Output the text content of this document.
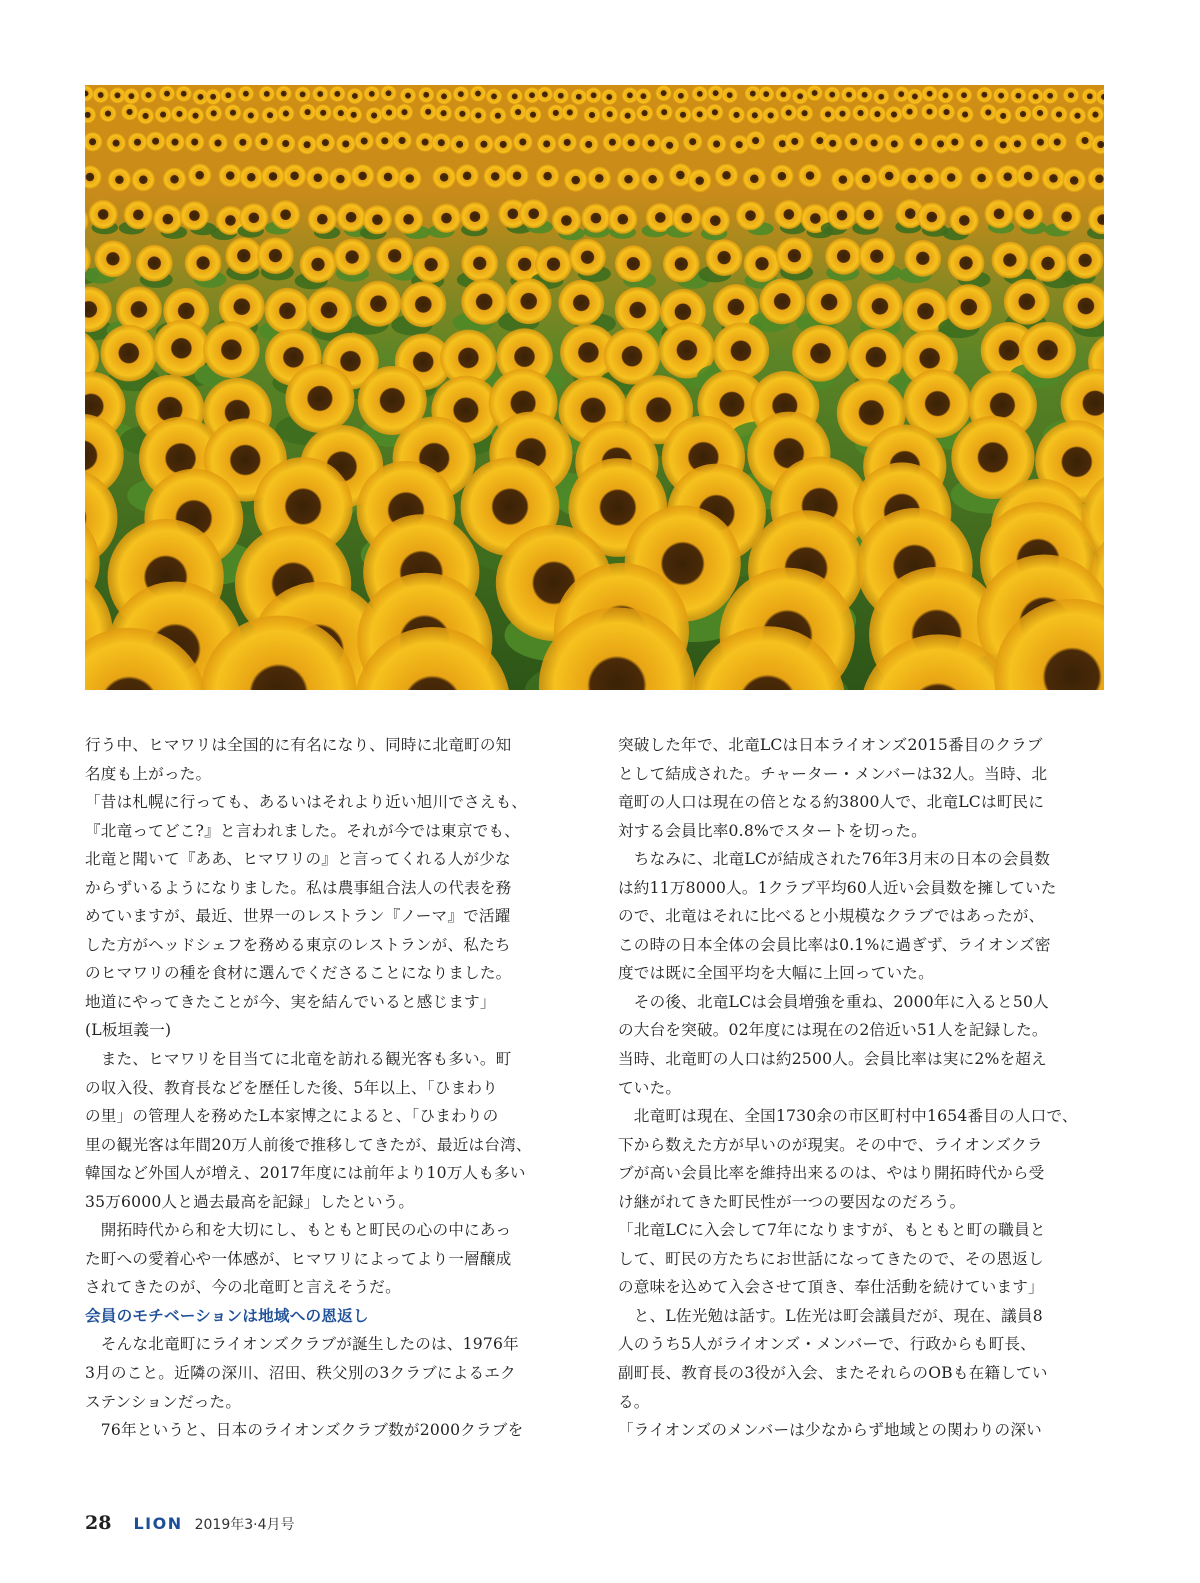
行う中、ヒマワリは全国的に有名になり、同時に北竜町の知
名度も上がった。

「昔は札幌に行っても、あるいはそれより近い旭川でさえも、
『北竜ってどこ?』と言われました。それが今では東京でも、
北竜と聞いて『ああ、ヒマワリの』と言ってくれる人が少な
からずいるようになりました。私は農事組合法人の代表を務
めていますが、最近、世界一のレストラン『ノーマ』で活躍
した方がヘッドシェフを務める東京のレストランが、私たち
のヒマワリの種を食材に選んでくださることになりました。
地道にやってきたことが今、実を結んでいると感じます」
(L板垣義一)

　また、ヒマワリを目当てに北竜を訪れる観光客も多い。町
の収入役、教育長などを歴任した後、5年以上、「ひまわり
の里」の管理人を務めたL本家博之によると、「ひまわりの
里の観光客は年間20万人前後で推移してきたが、最近は台湾、
韓国など外国人が増え、2017年度には前年より10万人も多い
35万6000人と過去最高を記録」したという。

　開拓時代から和を大切にし、もともと町民の心の中にあっ
た町への愛着心や一体感が、ヒマワリによってより一層醸成
されてきたのが、今の北竜町と言えそうだ。

会員のモチベーションは地域への恩返し

　そんな北竜町にライオンズクラブが誕生したのは、1976年
3月のこと。近隣の深川、沼田、秩父別の3クラブによるエク
ステンションだった。

　76年というと、日本のライオンズクラブ数が2000クラブを

突破した年で、北竜LCは日本ライオンズ2015番目のクラブ
として結成された。チャーター・メンバーは32人。当時、北
竜町の人口は現在の倍となる約3800人で、北竜LCは町民に
対する会員比率0.8%でスタートを切った。

　ちなみに、北竜LCが結成された76年3月末の日本の会員数
は約11万8000人。1クラブ平均60人近い会員数を擁していた
ので、北竜はそれに比べると小規模なクラブではあったが、
この時の日本全体の会員比率は0.1%に過ぎず、ライオンズ密
度では既に全国平均を大幅に上回っていた。

　その後、北竜LCは会員増強を重ね、2000年に入ると50人
の大台を突破。02年度には現在の2倍近い51人を記録した。
当時、北竜町の人口は約2500人。会員比率は実に2%を超え
ていた。

　北竜町は現在、全国1730余の市区町村中1654番目の人口で、
下から数えた方が早いのが現実。その中で、ライオンズクラ
ブが高い会員比率を維持出来るのは、やはり開拓時代から受
け継がれてきた町民性が一つの要因なのだろう。

「北竜LCに入会して7年になりますが、もともと町の職員と
して、町民の方たちにお世話になってきたので、その恩返し
の意味を込めて入会させて頂き、奉仕活動を続けています」

　と、L佐光勉は話す。L佐光は町会議員だが、現在、議員8
人のうち5人がライオンズ・メンバーで、行政からも町長、
副町長、教育長の3役が入会、またそれらのOBも在籍してい
る。

「ライオンズのメンバーは少なからず地域との関わりの深い

28 LION 2019年3·4月号
